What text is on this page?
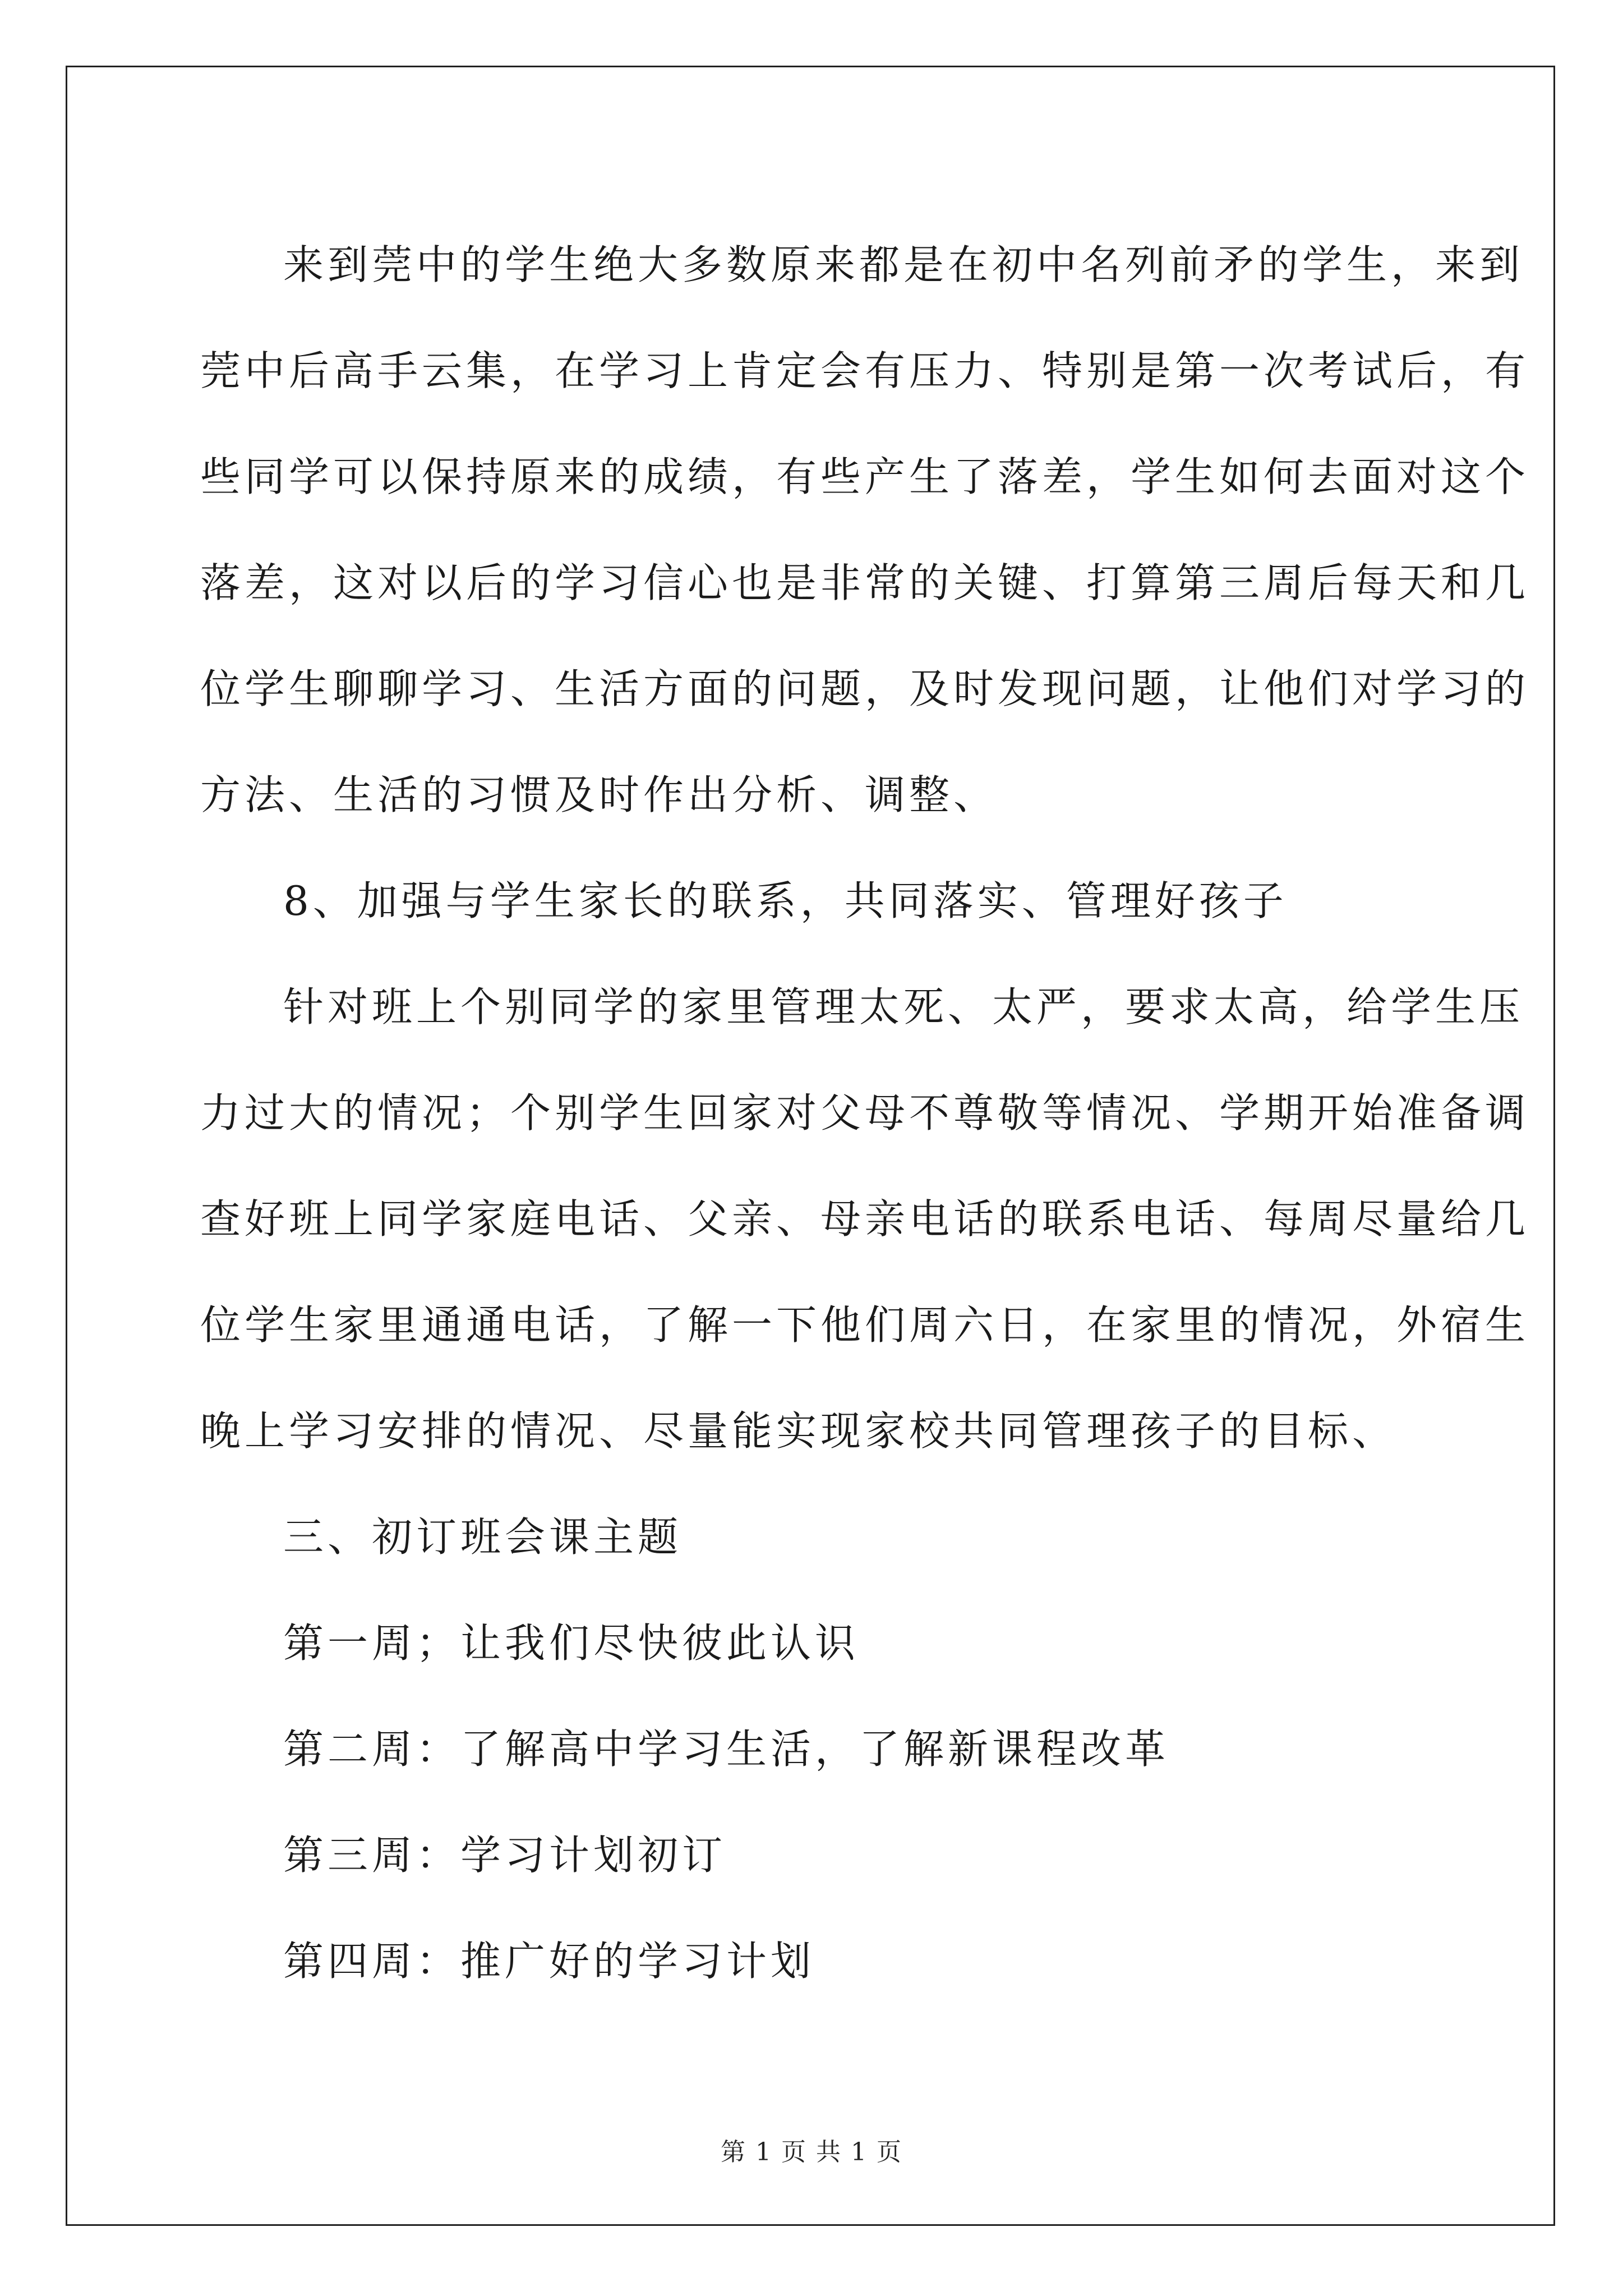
来到莞中的学生绝大多数原来都是在初中名列前矛的学生，来到
莞中后高手云集，在学习上肯定会有压力、特别是第一次考试后，有
些同学可以保持原来的成绩，有些产生了落差，学生如何去面对这个
落差，这对以后的学习信心也是非常的关键、打算第三周后每天和几
位学生聊聊学习、生活方面的问题，及时发现问题，让他们对学习的
方法、生活的习惯及时作出分析、调整、

8、加强与学生家长的联系，共同落实、管理好孩子

针对班上个别同学的家里管理太死、太严，要求太高，给学生压
力过大的情况；个别学生回家对父母不尊敬等情况、学期开始准备调
查好班上同学家庭电话、父亲、母亲电话的联系电话、每周尽量给几
位学生家里通通电话，了解一下他们周六日，在家里的情况，外宿生
晚上学习安排的情况、尽量能实现家校共同管理孩子的目标、

三、初订班会课主题

第一周；让我们尽快彼此认识

第二周：了解高中学习生活，了解新课程改革

第三周：学习计划初订

第四周：推广好的学习计划

第 1 页 共 1 页
